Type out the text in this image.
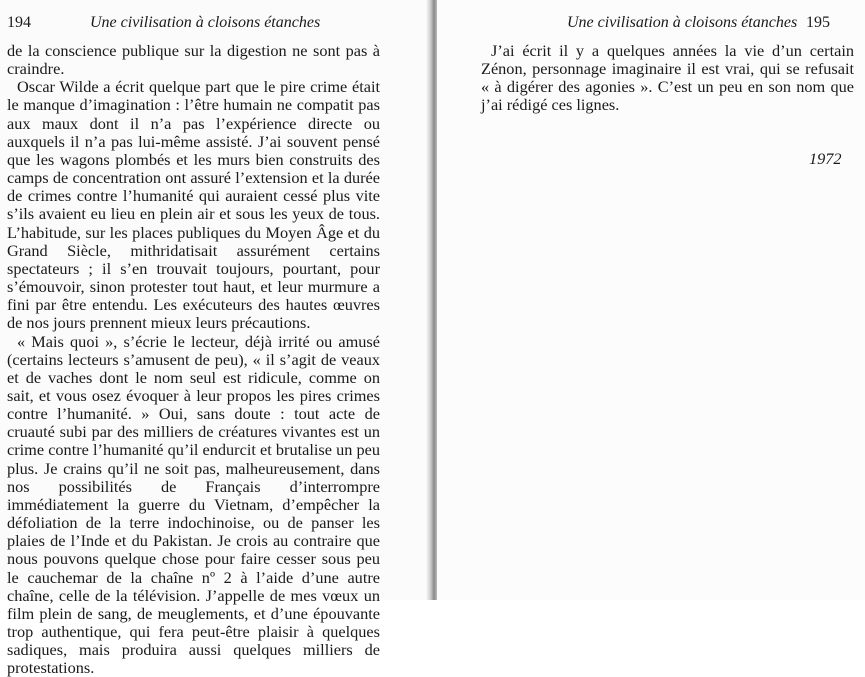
194	Une civilisation à cloisons étanches

de la conscience publique sur la digestion ne sont pas à craindre.

Oscar Wilde a écrit quelque part que le pire crime était le manque d’imagination : l’être humain ne compatit pas aux maux dont il n’a pas l’expérience directe ou auxquels il n’a pas lui-même assisté. J’ai souvent pensé que les wagons plombés et les murs bien construits des camps de concentration ont assuré l’extension et la durée de crimes contre l’humanité qui auraient cessé plus vite s’ils avaient eu lieu en plein air et sous les yeux de tous. L’habitude, sur les places publiques du Moyen Âge et du Grand Siècle, mithridatisait assurément certains spectateurs ; il s’en trouvait toujours, pourtant, pour s’émouvoir, sinon protester tout haut, et leur murmure a fini par être entendu. Les exécuteurs des hautes œuvres de nos jours prennent mieux leurs précautions.

« Mais quoi », s’écrie le lecteur, déjà irrité ou amusé (certains lecteurs s’amusent de peu), « il s’agit de veaux et de vaches dont le nom seul est ridicule, comme on sait, et vous osez évoquer à leur propos les pires crimes contre l’humanité. » Oui, sans doute : tout acte de cruauté subi par des milliers de créatures vivantes est un crime contre l’humanité qu’il endurcit et brutalise un peu plus. Je crains qu’il ne soit pas, malheureusement, dans nos possibilités de Français d’interrompre immédiatement la guerre du Vietnam, d’empêcher la défoliation de la terre indochinoise, ou de panser les plaies de l’Inde et du Pakistan. Je crois au contraire que nous pouvons quelque chose pour faire cesser sous peu le cauchemar de la chaîne nº 2 à l’aide d’une autre chaîne, celle de la télévision. J’appelle de mes vœux un film plein de sang, de meuglements, et d’une épouvante trop authentique, qui fera peut-être plaisir à quelques sadiques, mais produira aussi quelques milliers de protestations.

Une civilisation à cloisons étanches 195

J’ai écrit il y a quelques années la vie d’un certain Zénon, personnage imaginaire il est vrai, qui se refusait « à digérer des agonies ». C’est un peu en son nom que j’ai rédigé ces lignes.

1972
